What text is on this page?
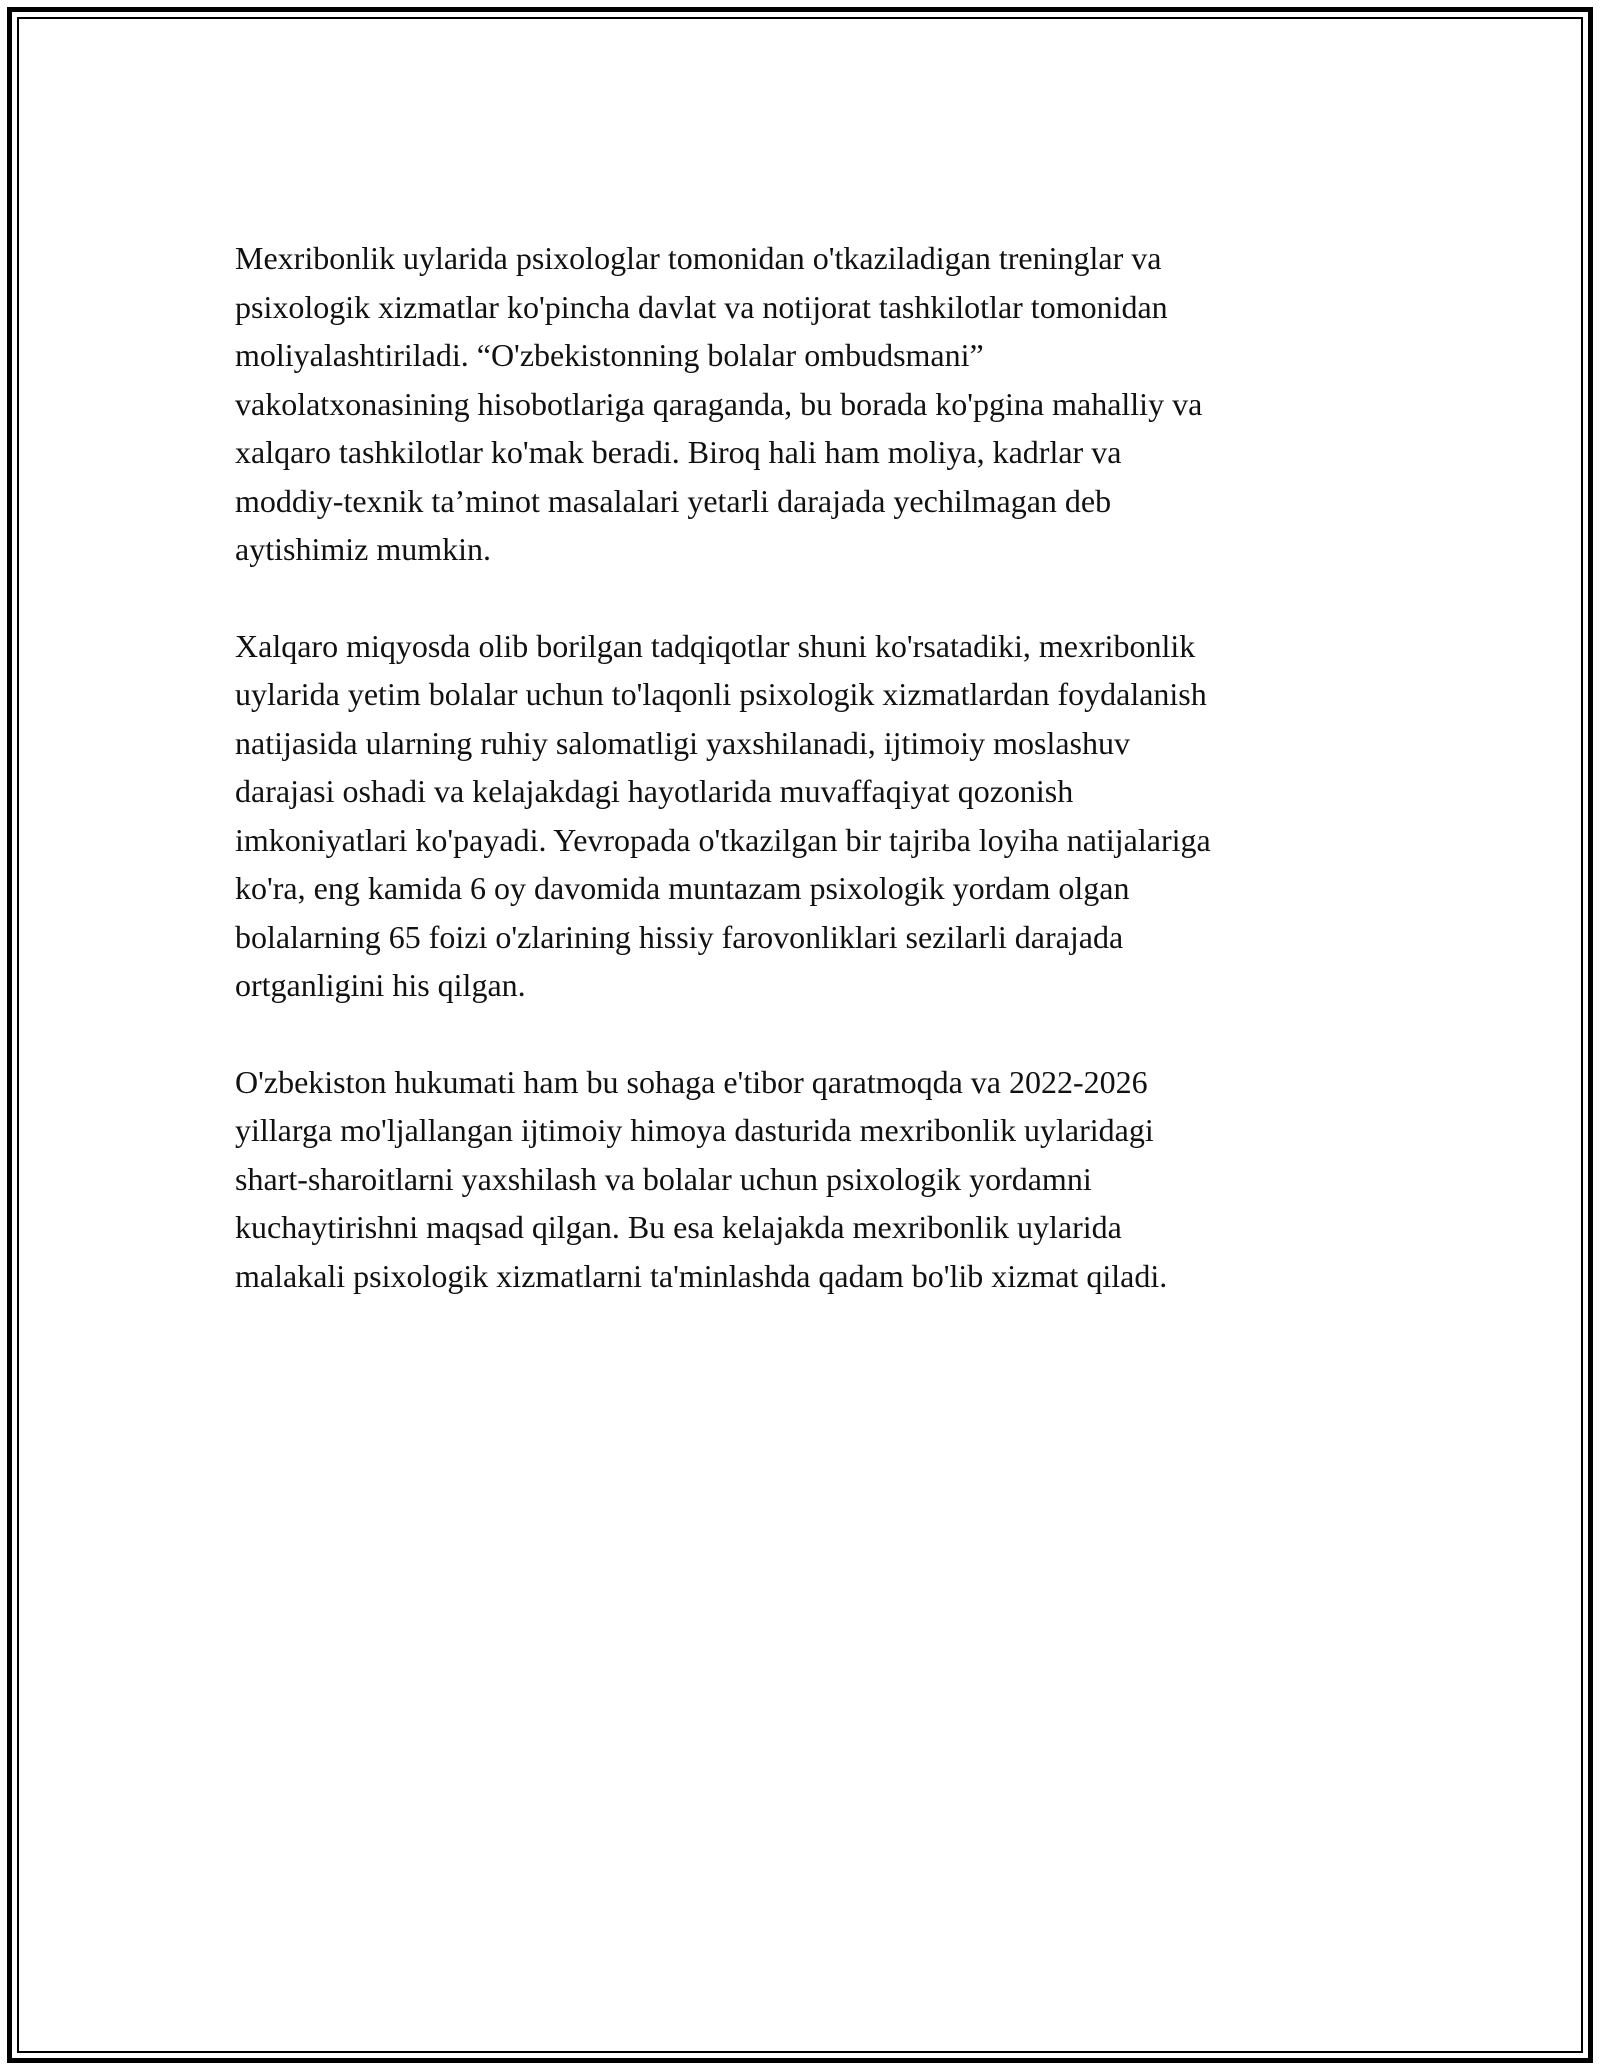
Mexribonlik uylarida psixologlar tomonidan o'tkaziladigan treninglar va
psixologik xizmatlar ko'pincha davlat va notijorat tashkilotlar tomonidan
moliyalashtiriladi. “O'zbekistonning bolalar ombudsmani”
vakolatxonasining hisobotlariga qaraganda, bu borada ko'pgina mahalliy va
xalqaro tashkilotlar ko'mak beradi. Biroq hali ham moliya, kadrlar va
moddiy-texnik ta’minot masalalari yetarli darajada yechilmagan deb
aytishimiz mumkin.

Xalqaro miqyosda olib borilgan tadqiqotlar shuni ko'rsatadiki, mexribonlik
uylarida yetim bolalar uchun to'laqonli psixologik xizmatlardan foydalanish
natijasida ularning ruhiy salomatligi yaxshilanadi, ijtimoiy moslashuv
darajasi oshadi va kelajakdagi hayotlarida muvaffaqiyat qozonish
imkoniyatlari ko'payadi. Yevropada o'tkazilgan bir tajriba loyiha natijalariga
ko'ra, eng kamida 6 oy davomida muntazam psixologik yordam olgan
bolalarning 65 foizi o'zlarining hissiy farovonliklari sezilarli darajada
ortganligini his qilgan.

O'zbekiston hukumati ham bu sohaga e'tibor qaratmoqda va 2022-2026
yillarga mo'ljallangan ijtimoiy himoya dasturida mexribonlik uylaridagi
shart-sharoitlarni yaxshilash va bolalar uchun psixologik yordamni
kuchaytirishni maqsad qilgan. Bu esa kelajakda mexribonlik uylarida
malakali psixologik xizmatlarni ta'minlashda qadam bo'lib xizmat qiladi.
